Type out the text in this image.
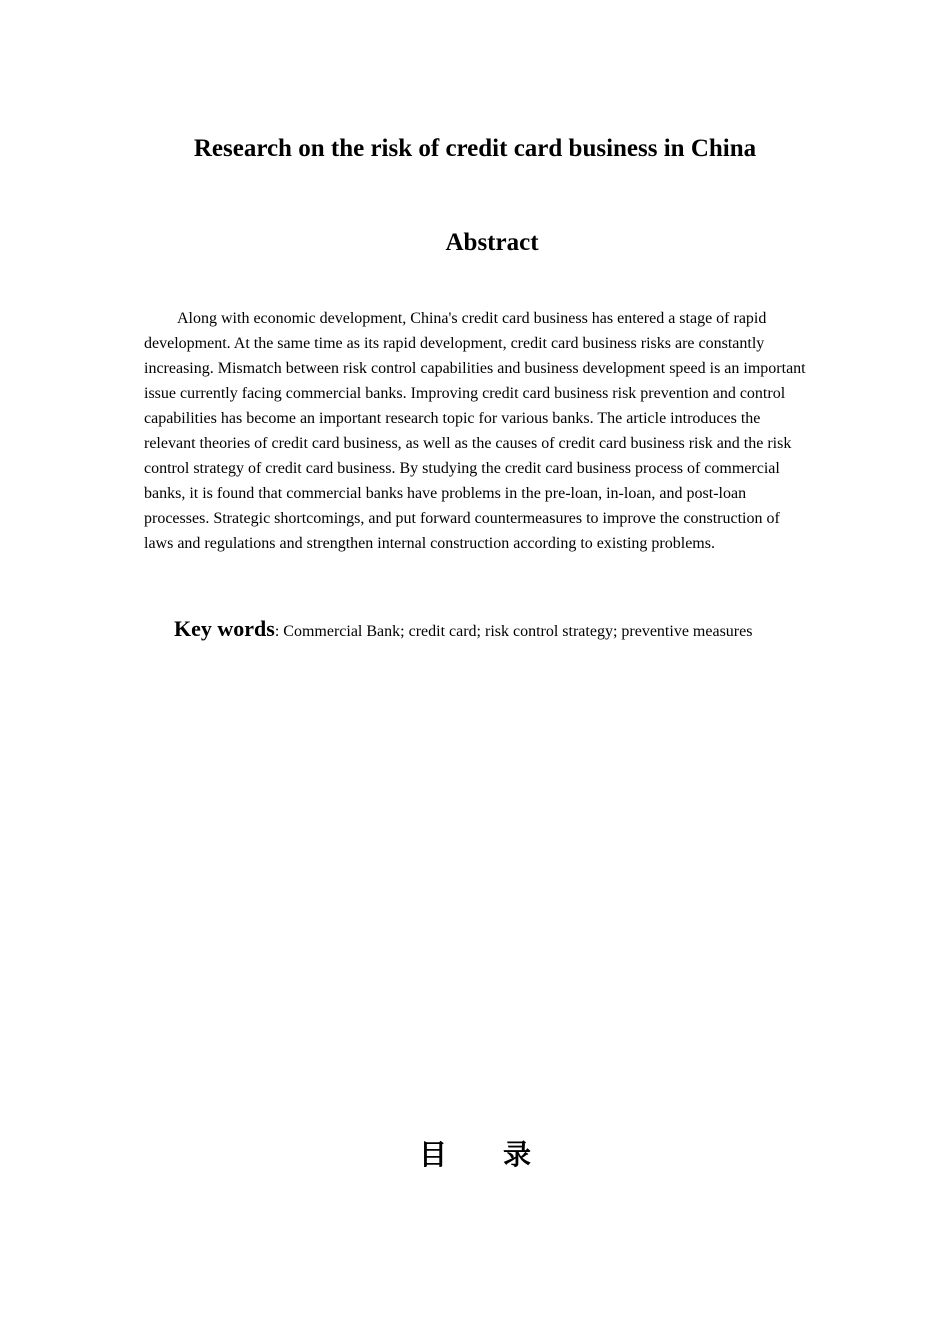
Research on the risk of credit card business in China
Abstract

Along with economic development, China's credit card business has entered a stage of rapid development. At the same time as its rapid development, credit card business risks are constantly increasing. Mismatch between risk control capabilities and business development speed is an important issue currently facing commercial banks. Improving credit card business risk prevention and control capabilities has become an important research topic for various banks. The article introduces the relevant theories of credit card business, as well as the causes of credit card business risk and the risk control strategy of credit card business. By studying the credit card business process of commercial banks, it is found that commercial banks have problems in the pre-loan, in-loan, and post-loan processes. Strategic shortcomings, and put forward countermeasures to improve the construction of laws and regulations and strengthen internal construction according to existing problems.

Key words: Commercial Bank; credit card; risk control strategy; preventive measures

目　　录
